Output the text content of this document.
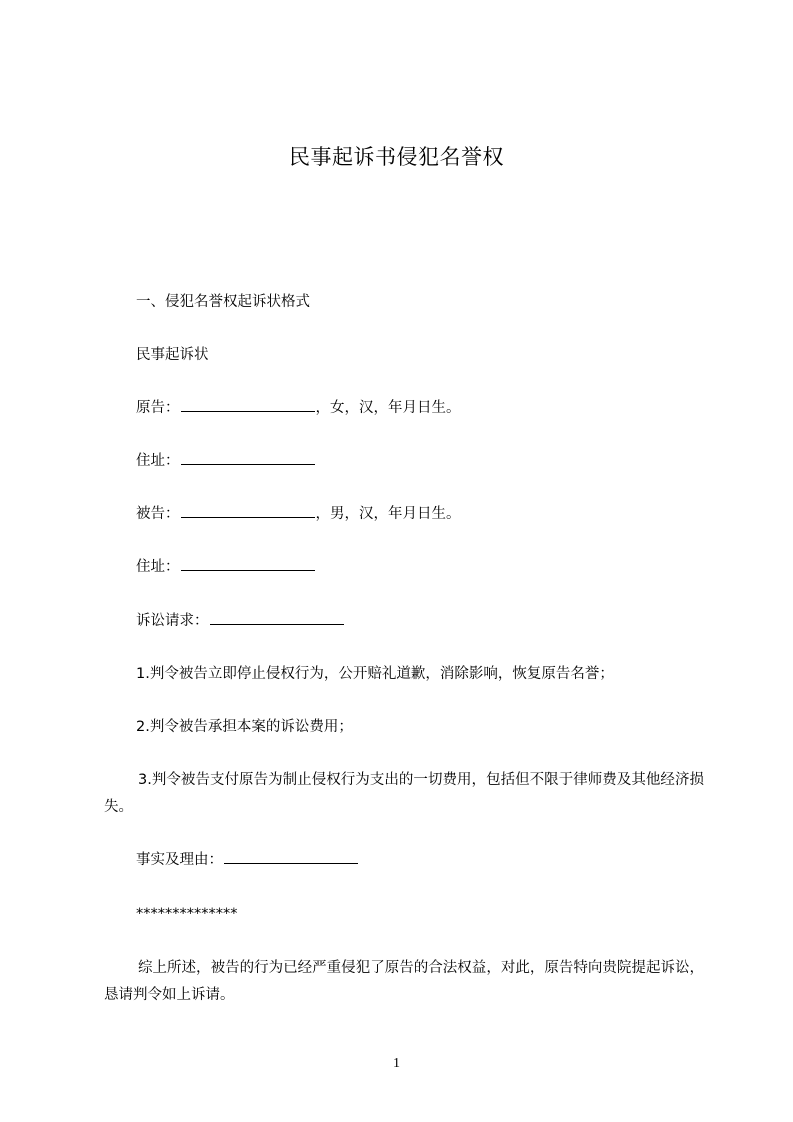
民事起诉书侵犯名誉权
一、侵犯名誉权起诉状格式
民事起诉状
原告：	，女，汉，年月日生。
住址：
被告：	，男，汉，年月日生。
住址：
诉讼请求：
1.判令被告立即停止侵权行为，公开赔礼道歉，消除影响，恢复原告名誉；
2.判令被告承担本案的诉讼费用；
3.判令被告支付原告为制止侵权行为支出的一切费用，包括但不限于律师费及其他经济损失。
事实及理由：
**************
综上所述，被告的行为已经严重侵犯了原告的合法权益，对此，原告特向贵院提起诉讼，恳请判令如上诉请。
1
